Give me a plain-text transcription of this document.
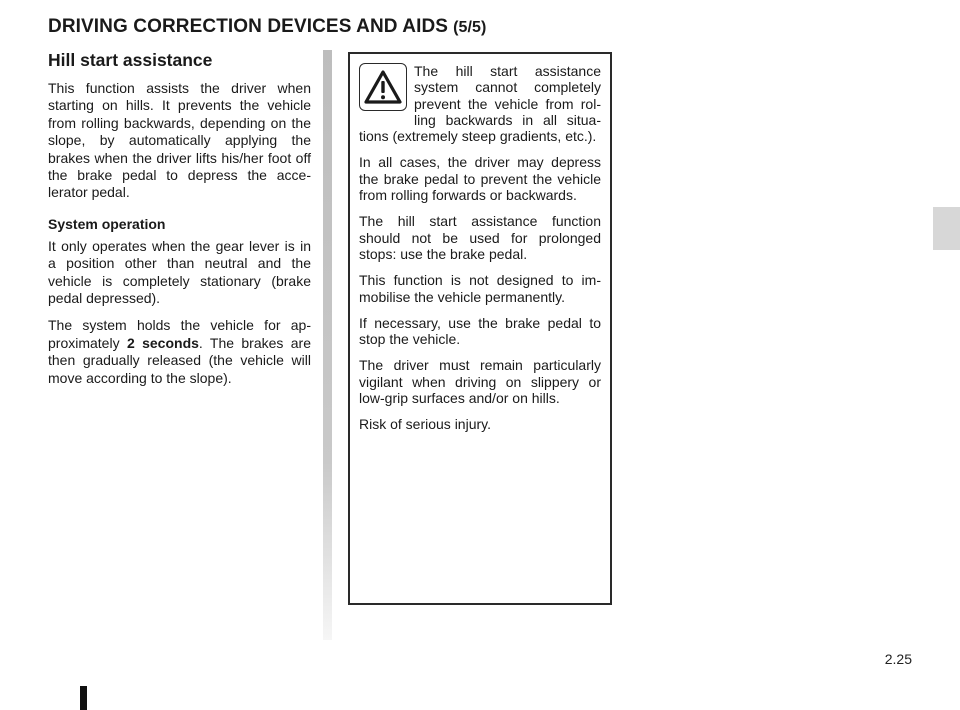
DRIVING CORRECTION DEVICES AND AIDS (5/5)
Hill start assistance

This function assists the driver when starting on hills. It prevents the vehicle from rolling backwards, depending on the slope, by automatically applying the brakes when the driver lifts his/her foot off the brake pedal to depress the acce-lerator pedal.

System operation

It only operates when the gear lever is in a position other than neutral and the vehicle is completely stationary (brake pedal depressed).

The system holds the vehicle for ap-proximately 2 seconds. The brakes are then gradually released (the vehicle will move according to the slope).

The hill start assistance system cannot completely prevent the vehicle from rol-ling backwards in all situa-tions (extremely steep gradients, etc.).

In all cases, the driver may depress the brake pedal to prevent the vehicle from rolling forwards or backwards.

The hill start assistance function should not be used for prolonged stops: use the brake pedal.

This function is not designed to im-mobilise the vehicle permanently.

If necessary, use the brake pedal to stop the vehicle.

The driver must remain particularly vigilant when driving on slippery or low-grip surfaces and/or on hills.

Risk of serious injury.

2.25
